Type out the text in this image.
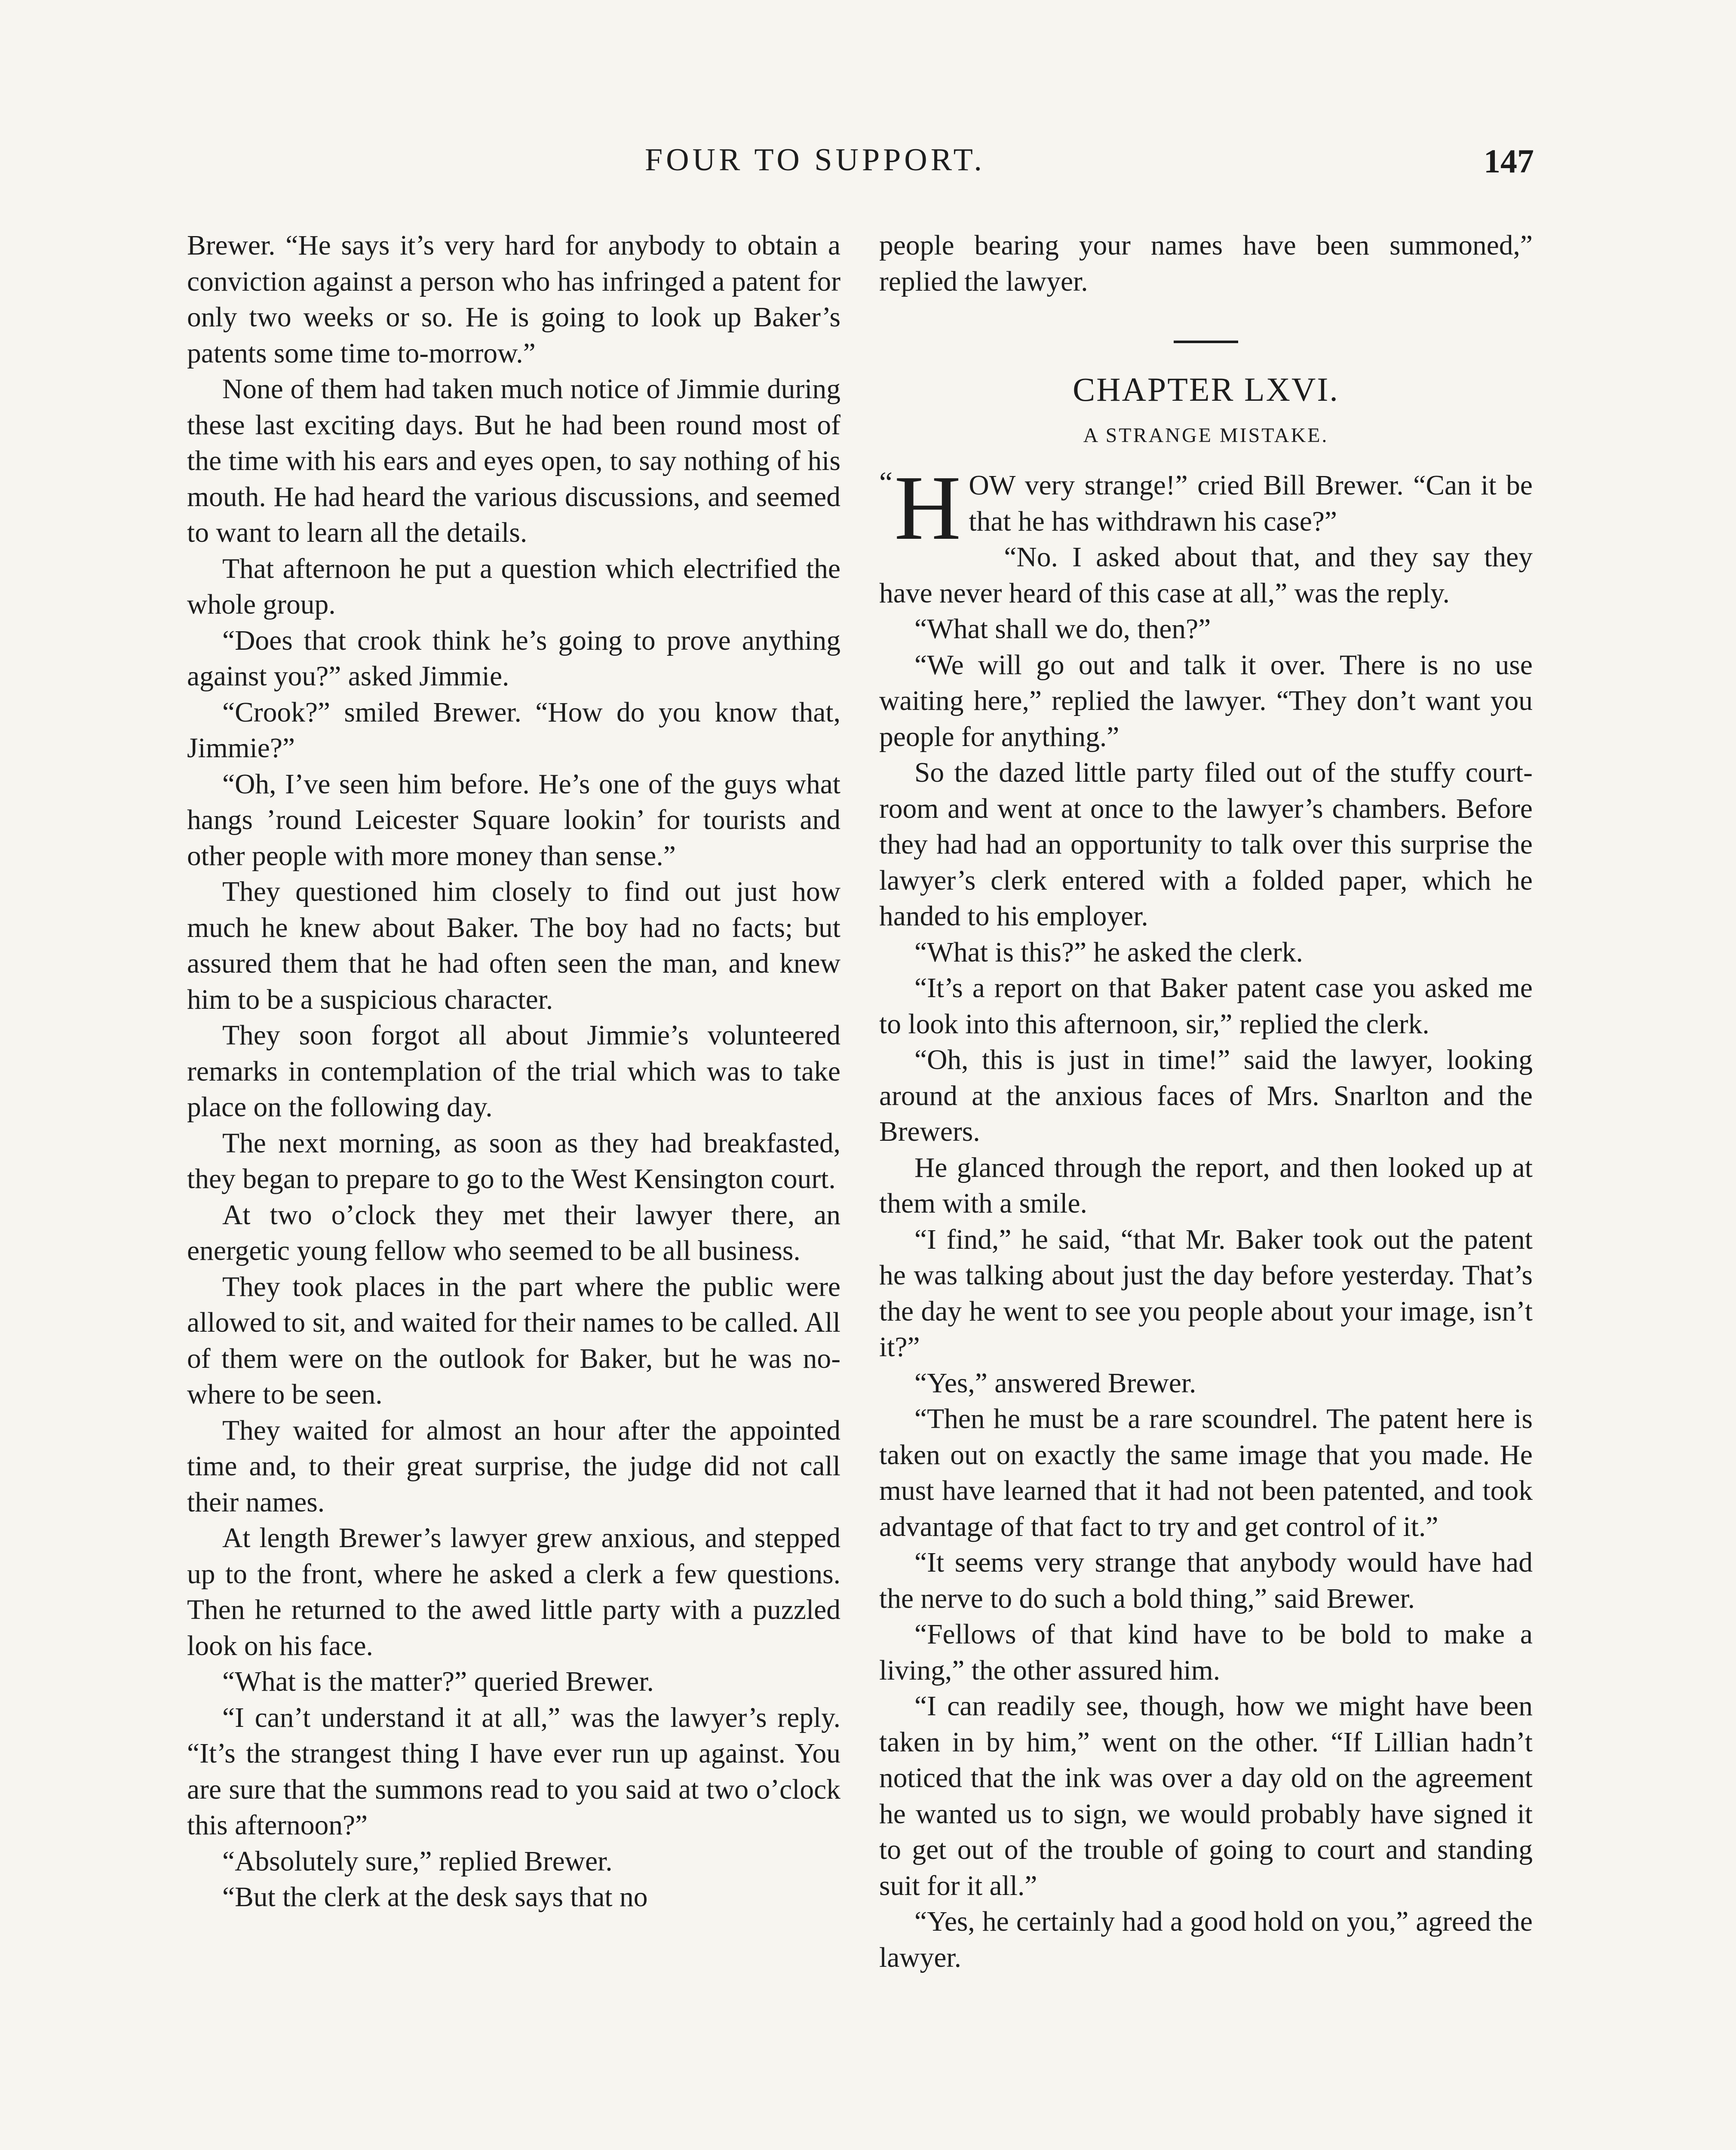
FOUR TO SUPPORT.	147

Brewer. “He says it’s very hard for anybody to obtain a conviction against a person who has infringed a patent for only two weeks or so. He is going to look up Baker’s patents some time to-morrow.”

None of them had taken much notice of Jimmie during these last exciting days. But he had been round most of the time with his ears and eyes open, to say nothing of his mouth. He had heard the various discussions, and seemed to want to learn all the details.

That afternoon he put a question which electrified the whole group.

“Does that crook think he’s going to prove anything against you?” asked Jimmie.

“Crook?” smiled Brewer. “How do you know that, Jimmie?”

“Oh, I’ve seen him before. He’s one of the guys what hangs ’round Leicester Square lookin’ for tourists and other people with more money than sense.”

They questioned him closely to find out just how much he knew about Baker. The boy had no facts; but assured them that he had often seen the man, and knew him to be a suspicious character.

They soon forgot all about Jimmie’s volunteered remarks in contemplation of the trial which was to take place on the following day.

The next morning, as soon as they had breakfasted, they began to prepare to go to the West Kensington court.

At two o’clock they met their lawyer there, an energetic young fellow who seemed to be all business.

They took places in the part where the public were allowed to sit, and waited for their names to be called. All of them were on the outlook for Baker, but he was nowhere to be seen.

They waited for almost an hour after the appointed time and, to their great surprise, the judge did not call their names.

At length Brewer’s lawyer grew anxious, and stepped up to the front, where he asked a clerk a few questions. Then he returned to the awed little party with a puzzled look on his face.

“What is the matter?” queried Brewer.

“I can’t understand it at all,” was the lawyer’s reply. “It’s the strangest thing I have ever run up against. You are sure that the summons read to you said at two o’clock this afternoon?”

“Absolutely sure,” replied Brewer.

“But the clerk at the desk says that no

people bearing your names have been summoned,” replied the lawyer.

CHAPTER LXVI.
A STRANGE MISTAKE.

“ H OW very strange!” cried Bill Brewer. “Can it be that he has withdrawn his case?”

“No. I asked about that, and they say they have never heard of this case at all,” was the reply.

“What shall we do, then?”

“We will go out and talk it over. There is no use waiting here,” replied the lawyer. “They don’t want you people for anything.”

So the dazed little party filed out of the stuffy court-room and went at once to the lawyer’s chambers. Before they had had an opportunity to talk over this surprise the lawyer’s clerk entered with a folded paper, which he handed to his employer.

“What is this?” he asked the clerk.

“It’s a report on that Baker patent case you asked me to look into this afternoon, sir,” replied the clerk.

“Oh, this is just in time!” said the lawyer, looking around at the anxious faces of Mrs. Snarlton and the Brewers.

He glanced through the report, and then looked up at them with a smile.

“I find,” he said, “that Mr. Baker took out the patent he was talking about just the day before yesterday. That’s the day he went to see you people about your image, isn’t it?”

“Yes,” answered Brewer.

“Then he must be a rare scoundrel. The patent here is taken out on exactly the same image that you made. He must have learned that it had not been patented, and took advantage of that fact to try and get control of it.”

“It seems very strange that anybody would have had the nerve to do such a bold thing,” said Brewer.

“Fellows of that kind have to be bold to make a living,” the other assured him.

“I can readily see, though, how we might have been taken in by him,” went on the other. “If Lillian hadn’t noticed that the ink was over a day old on the agreement he wanted us to sign, we would probably have signed it to get out of the trouble of going to court and standing suit for it all.”

“Yes, he certainly had a good hold on you,” agreed the lawyer.
